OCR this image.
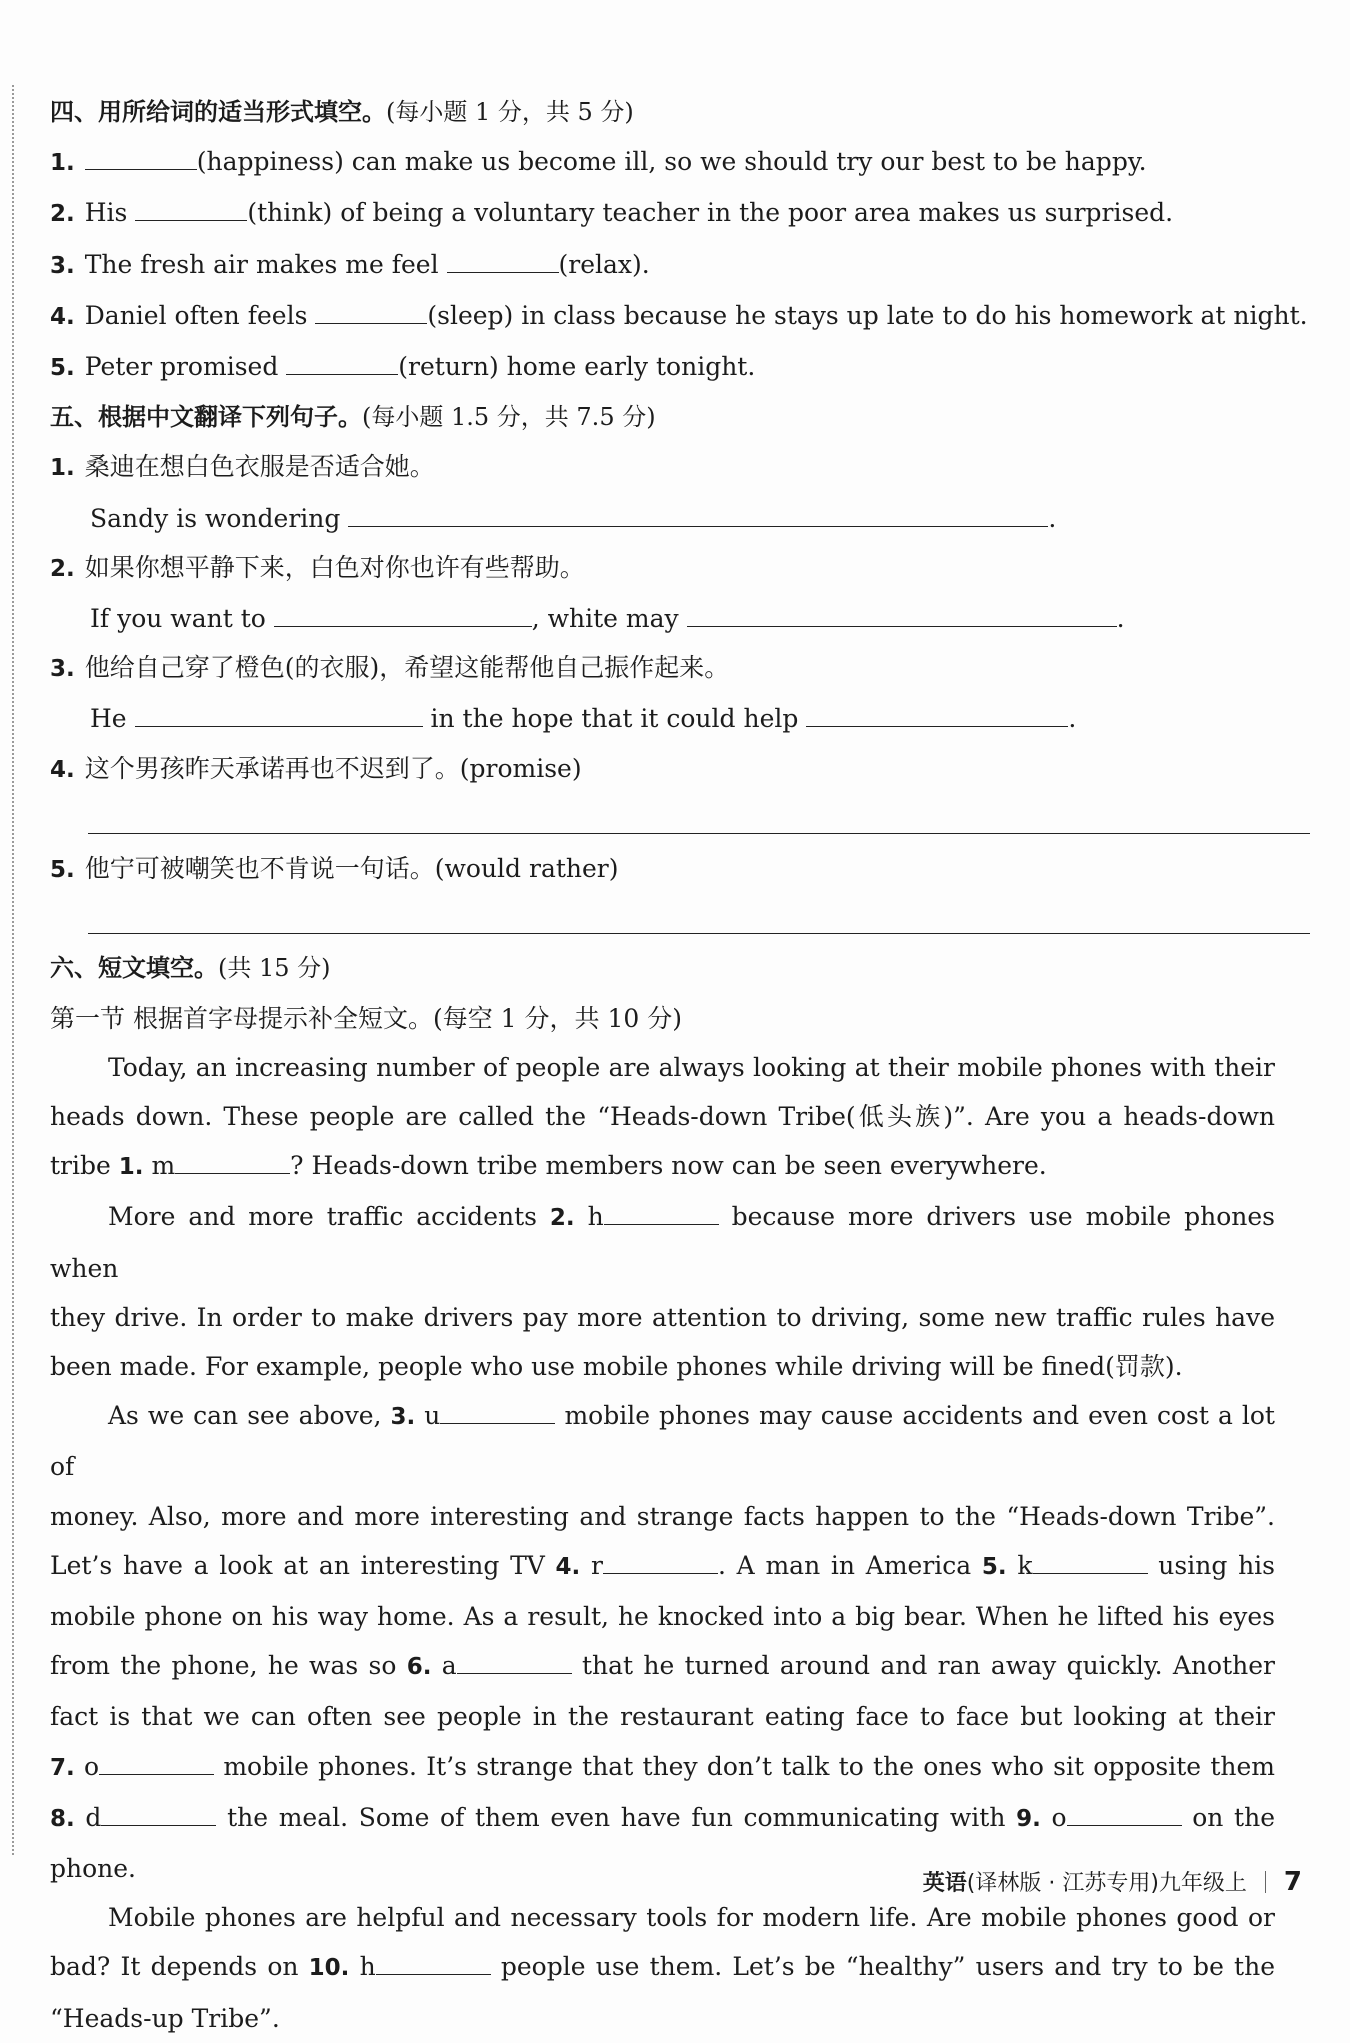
四、用所给词的适当形式填空。(每小题 1 分，共 5 分)
1.	(happiness) can make us become ill, so we should try our best to be happy.
2. His	(think) of being a voluntary teacher in the poor area makes us surprised.
3. The fresh air makes me feel	(relax).
4. Daniel often feels	(sleep) in class because he stays up late to do his homework at night.
5. Peter promised	(return) home early tonight.
五、根据中文翻译下列句子。(每小题 1.5 分，共 7.5 分)
1. 桑迪在想白色衣服是否适合她。
Sandy is wondering	.
2. 如果你想平静下来，白色对你也许有些帮助。
If you want to	, white may	.
3. 他给自己穿了橙色(的衣服)，希望这能帮他自己振作起来。
He	in the hope that it could help	.
4. 这个男孩昨天承诺再也不迟到了。(promise)
5. 他宁可被嘲笑也不肯说一句话。(would rather)
六、短文填空。(共 15 分)
第一节 根据首字母提示补全短文。(每空 1 分，共 10 分)
Today, an increasing number of people are always looking at their mobile phones with their
heads down. These people are called the “Heads-down Tribe(低头族)”. Are you a heads-down
tribe 1. m	? Heads-down tribe members now can be seen everywhere.
More and more traffic accidents 2. h	because more drivers use mobile phones when
they drive. In order to make drivers pay more attention to driving, some new traffic rules have
been made. For example, people who use mobile phones while driving will be fined(罚款).
As we can see above, 3. u	mobile phones may cause accidents and even cost a lot of
money. Also, more and more interesting and strange facts happen to the “Heads-down Tribe”.
Let’s have a look at an interesting TV 4. r	. A man in America 5. k	using his
mobile phone on his way home. As a result, he knocked into a big bear. When he lifted his eyes
from the phone, he was so 6. a	that he turned around and ran away quickly. Another
fact is that we can often see people in the restaurant eating face to face but looking at their
7. o	mobile phones. It’s strange that they don’t talk to the ones who sit opposite them
8. d	the meal. Some of them even have fun communicating with 9. o	on the phone.
Mobile phones are helpful and necessary tools for modern life. Are mobile phones good or
bad? It depends on 10. h	people use them. Let’s be “healthy” users and try to be the
“Heads-up Tribe”.
英语(译林版 · 江苏专用)九年级上 7
